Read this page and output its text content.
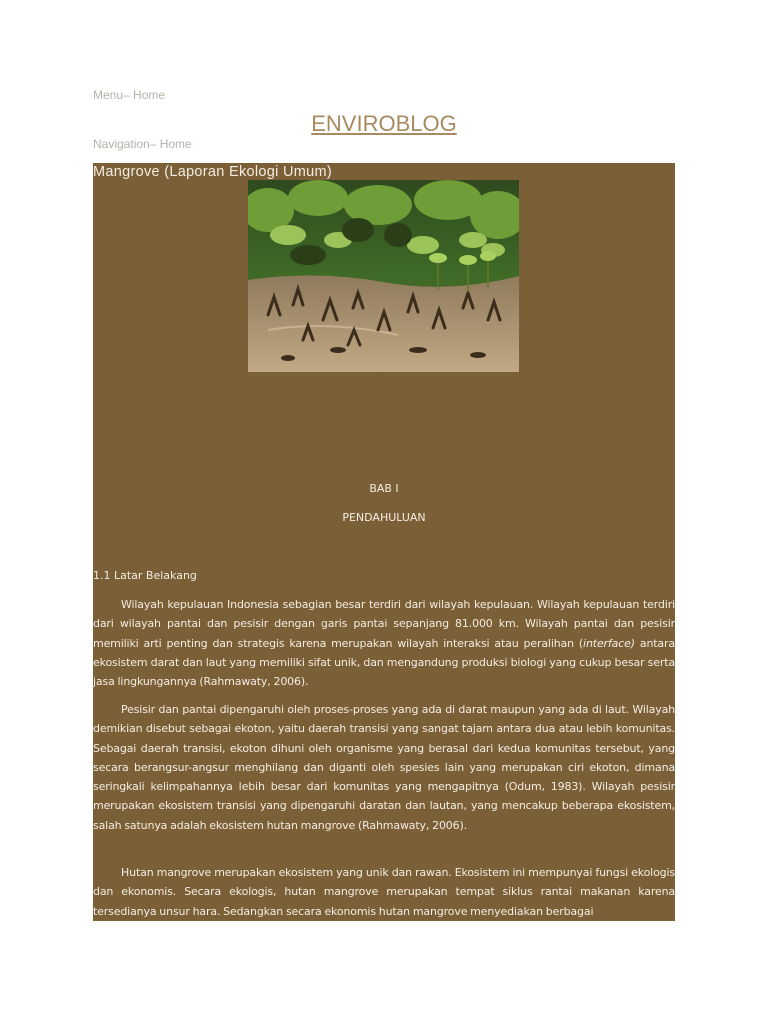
Menu– Home
ENVIROBLOG
Navigation– Home
Mangrove (Laporan Ekologi Umum)
BAB I
PENDAHULUAN
1.1 Latar Belakang

Wilayah kepulauan Indonesia sebagian besar terdiri dari wilayah kepulauan. Wilayah kepulauan terdiri dari wilayah pantai dan pesisir dengan garis pantai sepanjang 81.000 km. Wilayah pantai dan pesisir memiliki arti penting dan strategis karena merupakan wilayah interaksi atau peralihan (interface) antara ekosistem darat dan laut yang memiliki sifat unik, dan mengandung produksi biologi yang cukup besar serta jasa lingkungannya (Rahmawaty, 2006).

Pesisir dan pantai dipengaruhi oleh proses-proses yang ada di darat maupun yang ada di laut. Wilayah demikian disebut sebagai ekoton, yaitu daerah transisi yang sangat tajam antara dua atau lebih komunitas. Sebagai daerah transisi, ekoton dihuni oleh organisme yang berasal dari kedua komunitas tersebut, yang secara berangsur-angsur menghilang dan diganti oleh spesies lain yang merupakan ciri ekoton, dimana seringkali kelimpahannya lebih besar dari komunitas yang mengapitnya (Odum, 1983). Wilayah pesisir merupakan ekosistem transisi yang dipengaruhi daratan dan lautan, yang mencakup beberapa ekosistem, salah satunya adalah ekosistem hutan mangrove (Rahmawaty, 2006).

Hutan mangrove merupakan ekosistem yang unik dan rawan. Ekosistem ini mempunyai fungsi ekologis dan ekonomis. Secara ekologis, hutan mangrove merupakan tempat siklus rantai makanan karena tersedianya unsur hara. Sedangkan secara ekonomis hutan mangrove menyediakan berbagai
